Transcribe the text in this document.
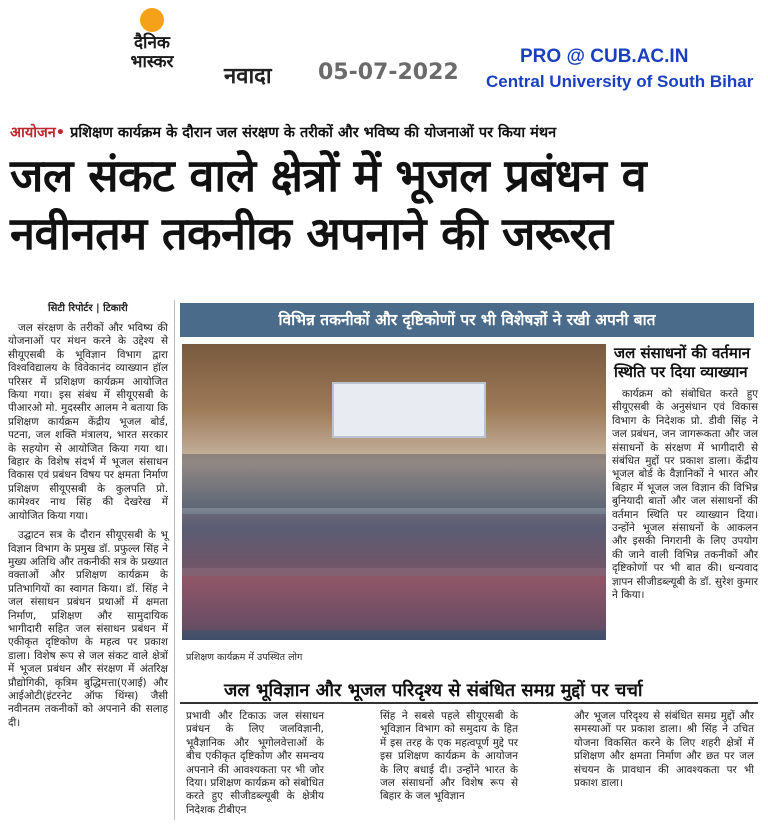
दैनिक भास्कर
नवादा 05-07-2022
PRO @ CUB.AC.IN
Central University of South Bihar
आयोजन• प्रशिक्षण कार्यक्रम के दौरान जल संरक्षण के तरीकों और भविष्य की योजनाओं पर किया मंथन
जल संकट वाले क्षेत्रों में भूजल प्रबंधन व
नवीनतम तकनीक अपनाने की जरूरत
सिटी रिपोर्टर | टिकारी

जल संरक्षण के तरीकों और भविष्य की योजनाओं पर मंथन करने के उद्देश्य से सीयूएसबी के भूविज्ञान विभाग द्वारा विश्वविद्यालय के विवेकानंद व्याख्यान हॉल परिसर में प्रशिक्षण कार्यक्रम आयोजित किया गया। इस संबंध में सीयूएसबी के पीआरओ मो. मुदस्सीर आलम ने बताया कि प्रशिक्षण कार्यक्रम केंद्रीय भूजल बोर्ड, पटना, जल शक्ति मंत्रालय, भारत सरकार के सहयोग से आयोजित किया गया था। बिहार के विशेष संदर्भ में भूजल संसाधन विकास एवं प्रबंधन विषय पर क्षमता निर्माण प्रशिक्षण सीयूएसबी के कुलपति प्रो. कामेश्वर नाथ सिंह की देखरेख में आयोजित किया गया।

उद्घाटन सत्र के दौरान सीयूएसबी के भू विज्ञान विभाग के प्रमुख डॉ. प्रफुल्ल सिंह ने मुख्य अतिथि और तकनीकी सत्र के प्रख्यात वक्ताओं और प्रशिक्षण कार्यक्रम के प्रतिभागियों का स्वागत किया। डॉ. सिंह ने जल संसाधन प्रबंधन प्रथाओं में क्षमता निर्माण, प्रशिक्षण और सामुदायिक भागीदारी सहित जल संसाधन प्रबंधन में एकीकृत दृष्टिकोण के महत्व पर प्रकाश डाला। विशेष रूप से जल संकट वाले क्षेत्रों में भूजल प्रबंधन और संरक्षण में अंतरिक्ष प्रौद्योगिकी, कृत्रिम बुद्धिमत्ता(एआई) और आईओटी(इंटरनेट ऑफ थिंग्स) जैसी नवीनतम तकनीकों को अपनाने की सलाह दी।

विभिन्न तकनीकों और दृष्टिकोणों पर भी विशेषज्ञों ने रखी अपनी बात
प्रशिक्षण कार्यक्रम में उपस्थित लोग
जल संसाधनों की वर्तमान स्थिति पर दिया व्याख्यान

कार्यक्रम को संबोधित करते हुए सीयूएसबी के अनुसंधान एवं विकास विभाग के निदेशक प्रो. डीवी सिंह ने जल प्रबंधन, जन जागरूकता और जल संसाधनों के संरक्षण में भागीदारी से संबंधित मुद्दों पर प्रकाश डाला। केंद्रीय भूजल बोर्ड के वैज्ञानिकों ने भारत और बिहार में भूजल जल विज्ञान की विभिन्न बुनियादी बातों और जल संसाधनों की वर्तमान स्थिति पर व्याख्यान दिया। उन्होंने भूजल संसाधनों के आकलन और इसकी निगरानी के लिए उपयोग की जाने वाली विभिन्न तकनीकों और दृष्टिकोणों पर भी बात की। धन्यवाद ज्ञापन सीजीडब्ल्यूबी के डॉ. सुरेश कुमार ने किया।

जल भूविज्ञान और भूजल परिदृश्य से संबंधित समग्र मुद्दों पर चर्चा

प्रभावी और टिकाऊ जल संसाधन प्रबंधन के लिए जलविज्ञानी, भूवैज्ञानिक और भूगोलवेत्ताओं के बीच एकीकृत दृष्टिकोण और समन्वय अपनाने की आवश्यकता पर भी जोर दिया। प्रशिक्षण कार्यक्रम को संबोधित करते हुए सीजीडब्ल्यूबी के क्षेत्रीय निदेशक टीबीएन

सिंह ने सबसे पहले सीयूएसबी के भूविज्ञान विभाग को समुदाय के हित में इस तरह के एक महत्वपूर्ण मुद्दे पर इस प्रशिक्षण कार्यक्रम के आयोजन के लिए बधाई दी। उन्होंने भारत के जल संसाधनों और विशेष रूप से बिहार के जल भूविज्ञान

और भूजल परिदृश्य से संबंधित समग्र मुद्दों और समस्याओं पर प्रकाश डाला। श्री सिंह ने उचित योजना विकसित करने के लिए शहरी क्षेत्रों में प्रशिक्षण और क्षमता निर्माण और छत पर जल संचयन के प्रावधान की आवश्यकता पर भी प्रकाश डाला।
